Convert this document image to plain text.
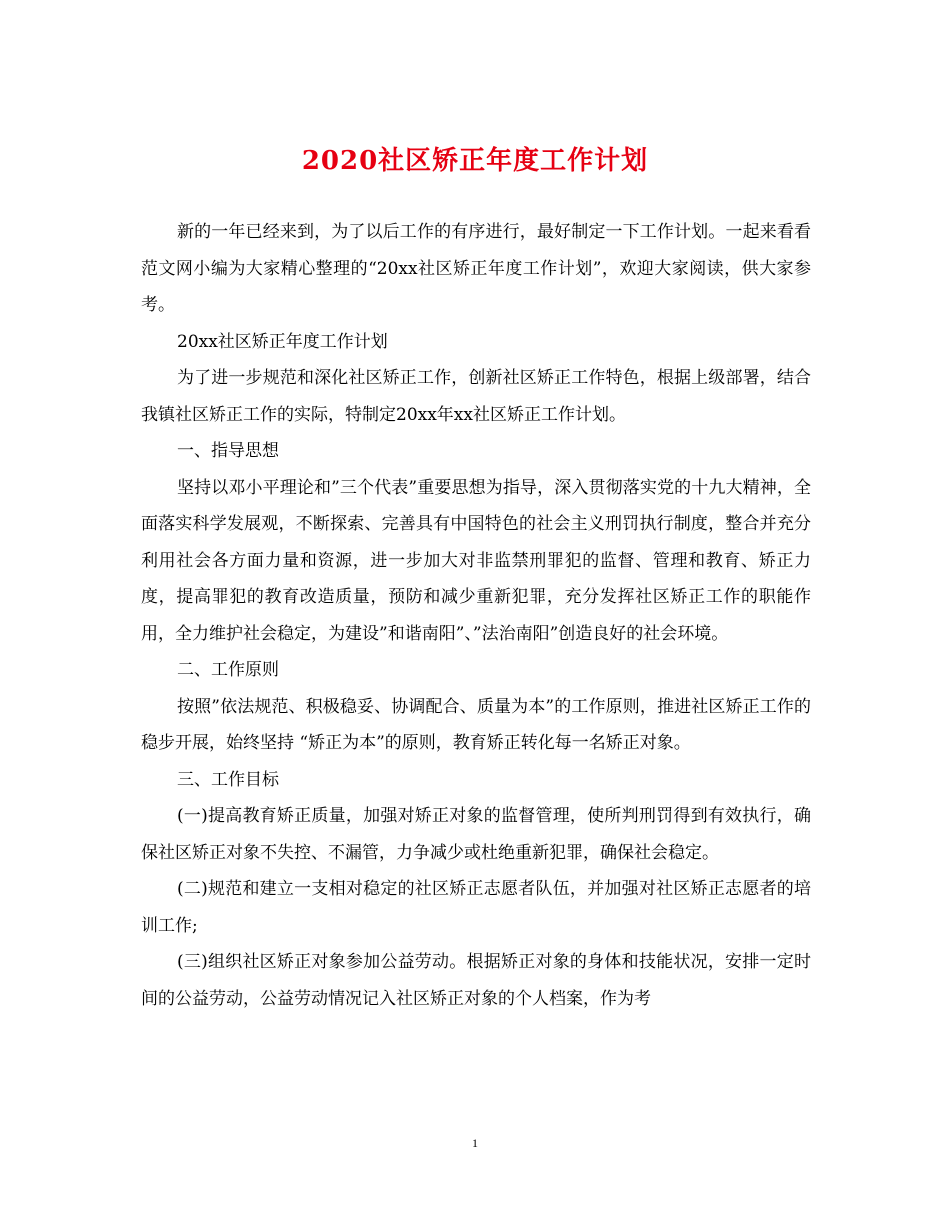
2020社区矫正年度工作计划

新的一年已经来到，为了以后工作的有序进行，最好制定一下工作计划。一起来看看范文网小编为大家精心整理的“20xx社区矫正年度工作计划”，欢迎大家阅读，供大家参考。

20xx社区矫正年度工作计划

为了进一步规范和深化社区矫正工作，创新社区矫正工作特色，根据上级部署，结合我镇社区矫正工作的实际，特制定20xx年xx社区矫正工作计划。

一、指导思想

坚持以邓小平理论和”三个代表”重要思想为指导，深入贯彻落实党的十九大精神，全面落实科学发展观，不断探索、完善具有中国特色的社会主义刑罚执行制度，整合并充分利用社会各方面力量和资源，进一步加大对非监禁刑罪犯的监督、管理和教育、矫正力度，提高罪犯的教育改造质量，预防和减少重新犯罪，充分发挥社区矫正工作的职能作用，全力维护社会稳定，为建设”和谐南阳”、”法治南阳”创造良好的社会环境。

二、工作原则

按照”依法规范、积极稳妥、协调配合、质量为本”的工作原则，推进社区矫正工作的稳步开展，始终坚持 “矫正为本”的原则，教育矫正转化每一名矫正对象。

三、工作目标

(一)提高教育矫正质量，加强对矫正对象的监督管理，使所判刑罚得到有效执行，确保社区矫正对象不失控、不漏管，力争减少或杜绝重新犯罪，确保社会稳定。

(二)规范和建立一支相对稳定的社区矫正志愿者队伍，并加强对社区矫正志愿者的培训工作;

(三)组织社区矫正对象参加公益劳动。根据矫正对象的身体和技能状况，安排一定时间的公益劳动，公益劳动情况记入社区矫正对象的个人档案，作为考

1
